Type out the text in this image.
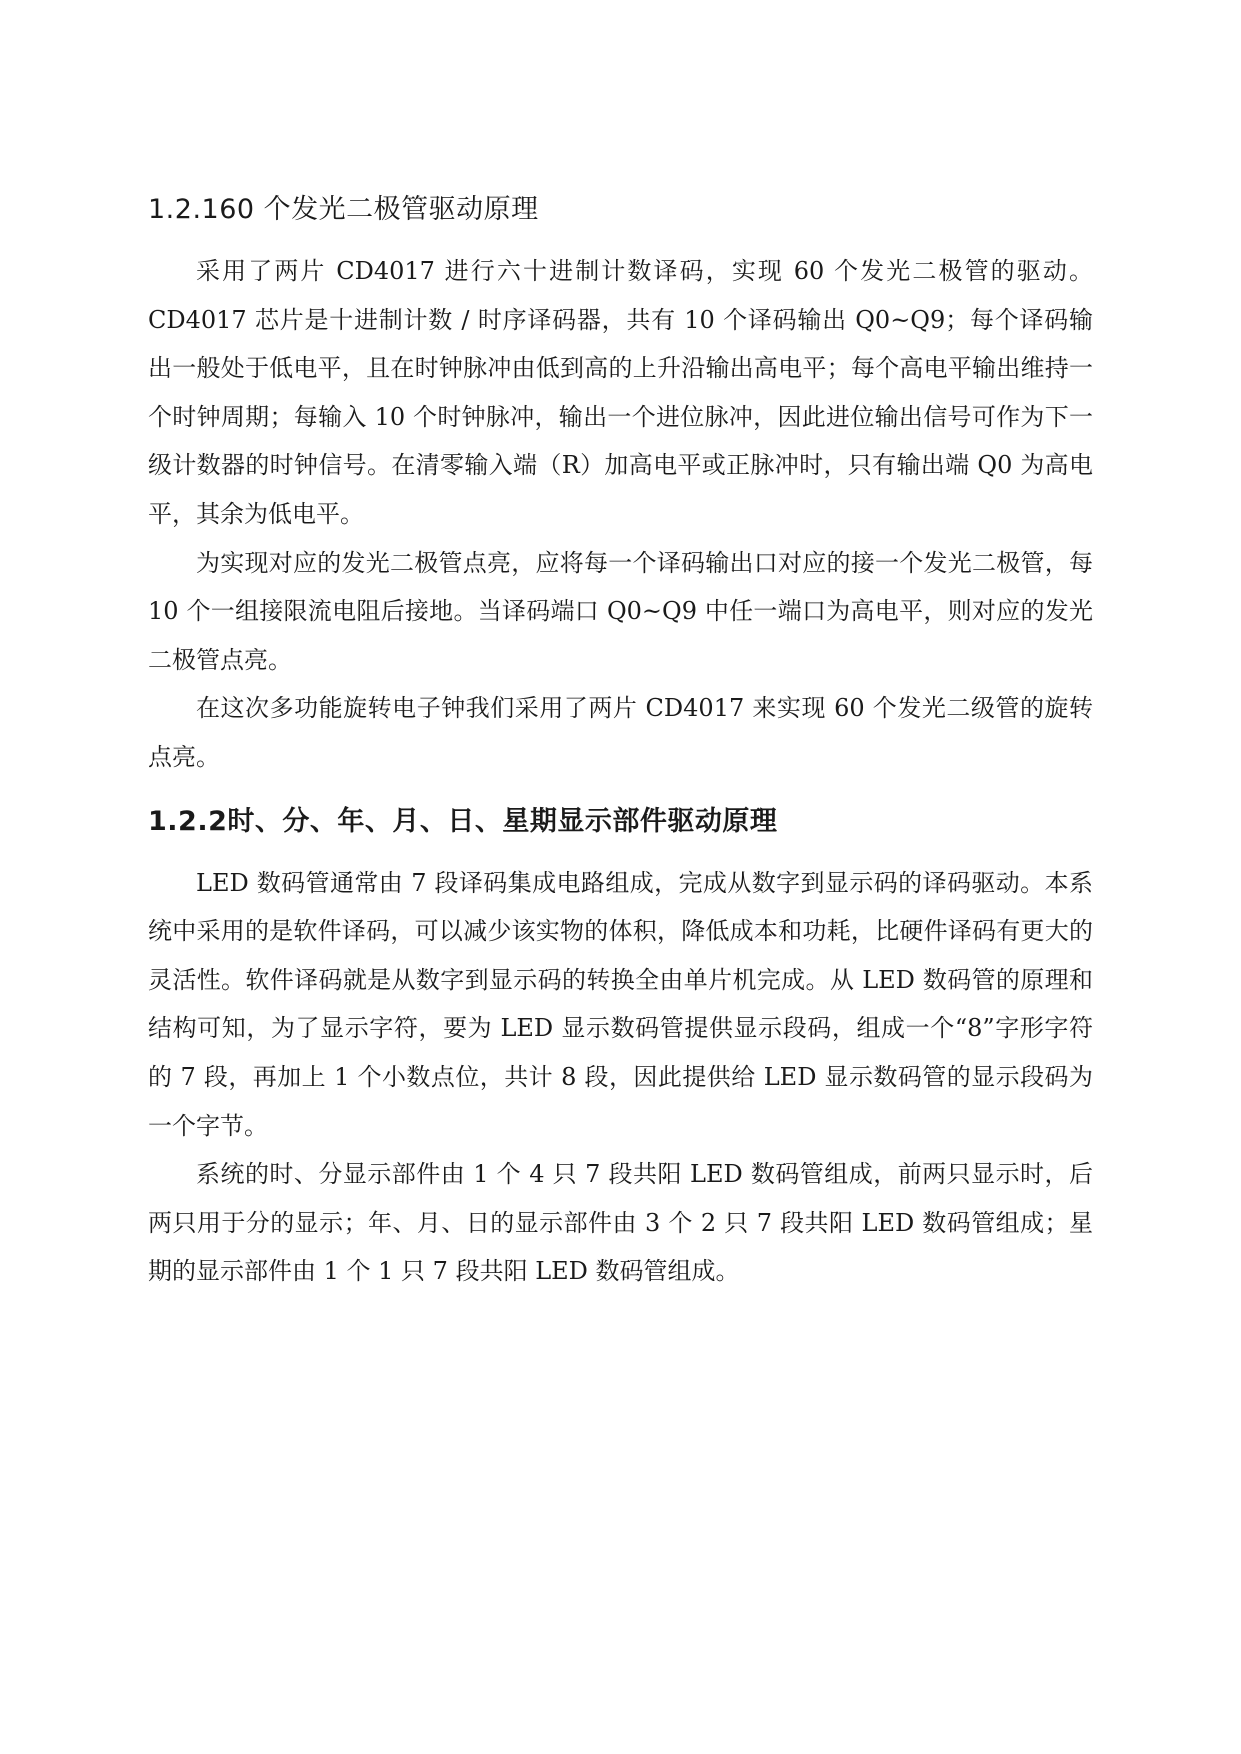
1.2.160 个发光二极管驱动原理

采用了两片 CD4017 进行六十进制计数译码，实现 60 个发光二极管的驱动。CD4017 芯片是十进制计数 / 时序译码器，共有 10 个译码输出 Q0~Q9；每个译码输出一般处于低电平，且在时钟脉冲由低到高的上升沿输出高电平；每个高电平输出维持一个时钟周期；每输入 10 个时钟脉冲，输出一个进位脉冲，因此进位输出信号可作为下一级计数器的时钟信号。在清零输入端（R）加高电平或正脉冲时，只有输出端 Q0 为高电平，其余为低电平。

为实现对应的发光二极管点亮，应将每一个译码输出口对应的接一个发光二极管，每 10 个一组接限流电阻后接地。当译码端口 Q0~Q9 中任一端口为高电平，则对应的发光二极管点亮。

在这次多功能旋转电子钟我们采用了两片 CD4017 来实现 60 个发光二级管的旋转点亮。

1.2.2时、分、年、月、日、星期显示部件驱动原理

LED 数码管通常由 7 段译码集成电路组成，完成从数字到显示码的译码驱动。本系统中采用的是软件译码，可以减少该实物的体积，降低成本和功耗，比硬件译码有更大的灵活性。软件译码就是从数字到显示码的转换全由单片机完成。从 LED 数码管的原理和结构可知，为了显示字符，要为 LED 显示数码管提供显示段码，组成一个“8”字形字符的 7 段，再加上 1 个小数点位，共计 8 段，因此提供给 LED 显示数码管的显示段码为一个字节。

系统的时、分显示部件由 1 个 4 只 7 段共阳 LED 数码管组成，前两只显示时，后两只用于分的显示；年、月、日的显示部件由 3 个 2 只 7 段共阳 LED 数码管组成；星期的显示部件由 1 个 1 只 7 段共阳 LED 数码管组成。
